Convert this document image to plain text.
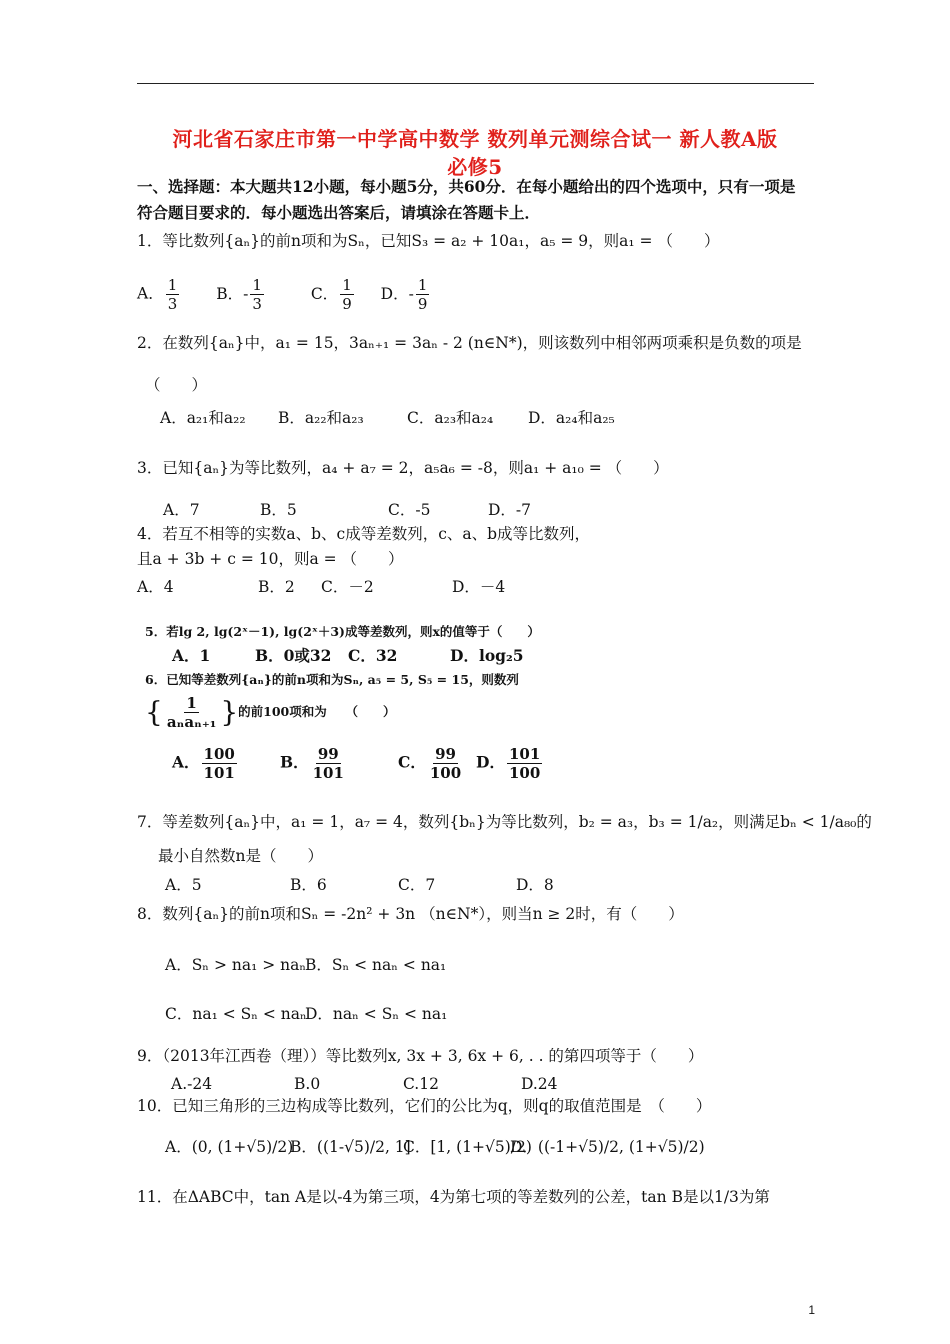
河北省石家庄市第一中学高中数学 数列单元测综合试一 新人教A版
必修5
一、选择题：本大题共12小题，每小题5分，共60分．在每小题给出的四个选项中，只有一项是
符合题目要求的．每小题选出答案后，请填涂在答题卡上．
1．等比数列{aₙ}的前n项和为Sₙ，已知S₃ = a₂ + 10a₁，a₅ = 9，则a₁ = （　　）
A． $\frac{1}{3}$ B．- $\frac{1}{3}$	C． $\frac{1}{9}$ D．- $\frac{1}{9}$
2．在数列{aₙ}中，a₁ = 15，3aₙ₊₁ = 3aₙ - 2 (n∈N*)，则该数列中相邻两项乘积是负数的项是
（　　）
A．a₂₁和a₂₂ B．a₂₂和a₂₃	C．a₂₃和a₂₄ D．a₂₄和a₂₅
3．已知{aₙ}为等比数列，a₄ + a₇ = 2，a₅a₆ = -8，则a₁ + a₁₀ = （　　）
A．7	B．5	C．-5	D．-7
4．若互不相等的实数a、b、c成等差数列，c、a、b成等比数列，
且a + 3b + c = 10，则a = （　　）
A．4	B．2 C．－2	D．－4
5．若lg 2, lg(2ˣ－1), lg(2ˣ＋3)成等差数列，则x的值等于（　　）
A．1	B．0或32 C．32	D．log₂5
6．已知等差数列{aₙ}的前n项和为Sₙ, a₅ = 5, S₅ = 15，则数列
{ $\frac{1}{\text{aₙaₙ₊₁}}$ }的前100项和为　　（　　）
A． $\frac{100}{101}$	B． $\frac{99}{101}$	C． $\frac{99}{100}$ D． $\frac{101}{100}$
7．等差数列{aₙ}中，a₁ = 1，a₇ = 4，数列{bₙ}为等比数列，b₂ = a₃，b₃ = 1/a₂，则满足bₙ < 1/a₈₀的
最小自然数n是（　　）
A．5	B．6	C．7	D．8
8．数列{aₙ}的前n项和Sₙ = -2n² + 3n （n∈N*），则当n ≥ 2时，有（　　）
A．Sₙ > na₁ > naₙ
B．Sₙ < naₙ < na₁
C．na₁ < Sₙ < naₙ
D．naₙ < Sₙ < na₁
9．（2013年江西卷（理））等比数列x, 3x + 3, 6x + 6, . . 的第四项等于（　　）
A.-24	B.0	C.12	D.24
10．已知三角形的三边构成等比数列，它们的公比为q，则q的取值范围是　（　　）
A．(0, (1+√5)/2)
B．((1-√5)/2, 1]
C．[1, (1+√5)/2)
D．((-1+√5)/2, (1+√5)/2)
11．在ΔABC中，tan A是以-4为第三项，4为第七项的等差数列的公差，tan B是以1/3为第
1
